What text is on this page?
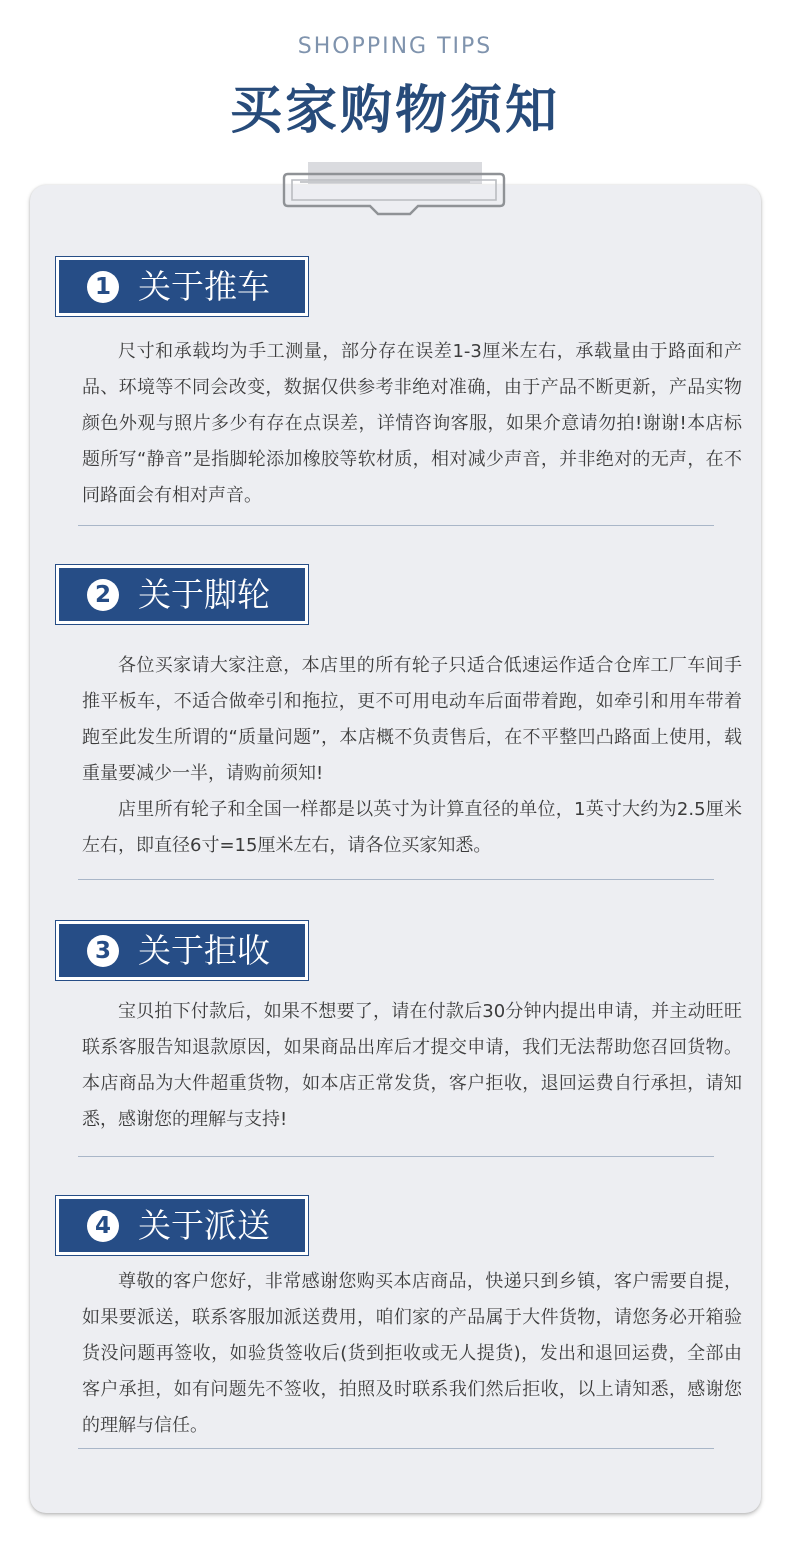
SHOPPING TIPS
买家购物须知
1 关于推车

尺寸和承载均为手工测量，部分存在误差1-3厘米左右，承载量由于路面和产品、环境等不同会改变，数据仅供参考非绝对准确，由于产品不断更新，产品实物颜色外观与照片多少有存在点误差，详情咨询客服，如果介意请勿拍!谢谢!本店标题所写“静音”是指脚轮添加橡胶等软材质，相对减少声音，并非绝对的无声，在不同路面会有相对声音。

2 关于脚轮

各位买家请大家注意，本店里的所有轮子只适合低速运作适合仓库工厂车间手推平板车，不适合做牵引和拖拉，更不可用电动车后面带着跑，如牵引和用车带着跑至此发生所谓的“质量问题”，本店概不负责售后，在不平整凹凸路面上使用，载重量要减少一半，请购前须知!

店里所有轮子和全国一样都是以英寸为计算直径的单位，1英寸大约为2.5厘米左右，即直径6寸=15厘米左右，请各位买家知悉。

3 关于拒收

宝贝拍下付款后，如果不想要了，请在付款后30分钟内提出申请，并主动旺旺联系客服告知退款原因，如果商品出库后才提交申请，我们无法帮助您召回货物。本店商品为大件超重货物，如本店正常发货，客户拒收，退回运费自行承担，请知悉，感谢您的理解与支持!

4 关于派送

尊敬的客户您好，非常感谢您购买本店商品，快递只到乡镇，客户需要自提，如果要派送，联系客服加派送费用，咱们家的产品属于大件货物，请您务必开箱验货没问题再签收，如验货签收后(货到拒收或无人提货)，发出和退回运费，全部由客户承担，如有问题先不签收，拍照及时联系我们然后拒收，以上请知悉，感谢您的理解与信任。
